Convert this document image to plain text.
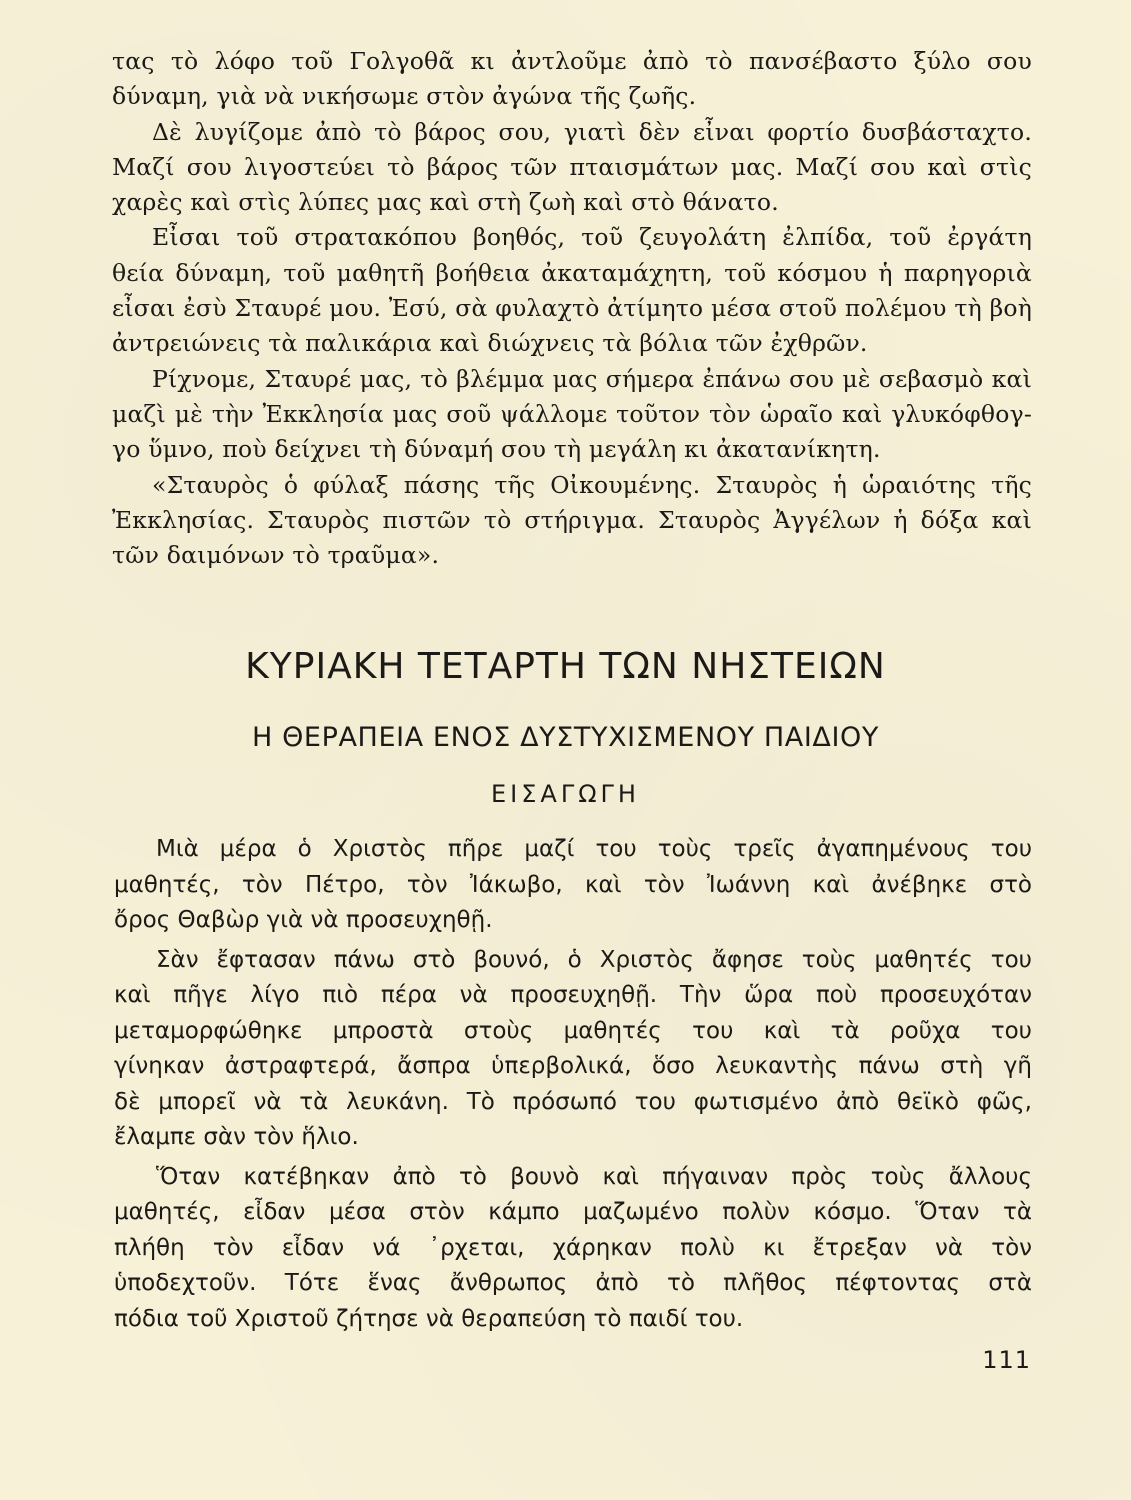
τας τὸ λόφο τοῦ Γολγοθᾶ κι ἀντλοῦμε ἀπὸ τὸ πανσέβαστο ξύλο σου
δύναμη, γιὰ νὰ νικήσωμε στὸν ἀγώνα τῆς ζωῆς.
Δὲ λυγίζομε ἀπὸ τὸ βάρος σου, γιατὶ δὲν εἶναι φορτίο δυσβάσταχτο.
Μαζί σου λιγοστεύει τὸ βάρος τῶν πταισμάτων μας. Μαζί σου καὶ στὶς
χαρὲς καὶ στὶς λύπες μας καὶ στὴ ζωὴ καὶ στὸ θάνατο.
Εἶσαι τοῦ στρατακόπου βοηθός, τοῦ ζευγολάτη ἐλπίδα, τοῦ ἐργάτη
θεία δύναμη, τοῦ μαθητῆ βοήθεια ἀκαταμάχητη, τοῦ κόσμου ἡ παρηγοριὰ
εἶσαι ἐσὺ Σταυρέ μου. Ἐσύ, σὰ φυλαχτὸ ἀτίμητο μέσα στοῦ πολέμου τὴ βοὴ
ἀντρειώνεις τὰ παλικάρια καὶ διώχνεις τὰ βόλια τῶν ἐχθρῶν.
Ρίχνομε, Σταυρέ μας, τὸ βλέμμα μας σήμερα ἐπάνω σου μὲ σεβασμὸ καὶ
μαζὶ μὲ τὴν Ἐκκλησία μας σοῦ ψάλλομε τοῦτον τὸν ὡραῖο καὶ γλυκόφθογ-
γο ὕμνο, ποὺ δείχνει τὴ δύναμή σου τὴ μεγάλη κι ἀκατανίκητη.
«Σταυρὸς ὁ φύλαξ πάσης τῆς Οἰκουμένης. Σταυρὸς ἡ ὡραιότης τῆς
Ἐκκλησίας. Σταυρὸς πιστῶν τὸ στήριγμα. Σταυρὸς Ἀγγέλων ἡ δόξα καὶ
τῶν δαιμόνων τὸ τραῦμα».
ΚΥΡΙΑΚΗ ΤΕΤΑΡΤΗ ΤΩΝ ΝΗΣΤΕΙΩΝ
Η ΘΕΡΑΠΕΙΑ ΕΝΟΣ ΔΥΣΤΥΧΙΣΜΕΝΟΥ ΠΑΙΔΙΟΥ
ΕΙΣΑΓΩΓΗ
Μιὰ μέρα ὁ Χριστὸς πῆρε μαζί του τοὺς τρεῖς ἀγαπημένους του
μαθητές, τὸν Πέτρο, τὸν Ἰάκωβο, καὶ τὸν Ἰωάννη καὶ ἀνέβηκε στὸ
ὄρος Θαβὼρ γιὰ νὰ προσευχηθῇ.
Σὰν ἔφτασαν πάνω στὸ βουνό, ὁ Χριστὸς ἄφησε τοὺς μαθητές του
καὶ πῆγε λίγο πιὸ πέρα νὰ προσευχηθῇ. Τὴν ὥρα ποὺ προσευχόταν
μεταμορφώθηκε μπροστὰ στοὺς μαθητές του καὶ τὰ ροῦχα του
γίνηκαν ἀστραφτερά, ἄσπρα ὑπερβολικά, ὅσο λευκαντὴς πάνω στὴ γῆ
δὲ μπορεῖ νὰ τὰ λευκάνη. Τὸ πρόσωπό του φωτισμένο ἀπὸ θεϊκὸ φῶς,
ἔλαμπε σὰν τὸν ἥλιο.
Ὅταν κατέβηκαν ἀπὸ τὸ βουνὸ καὶ πήγαιναν πρὸς τοὺς ἄλλους
μαθητές, εἶδαν μέσα στὸν κάμπο μαζωμένο πολὺν κόσμο. Ὅταν τὰ
πλήθη τὸν εἶδαν νά ᾽ρχεται, χάρηκαν πολὺ κι ἔτρεξαν νὰ τὸν
ὑποδεχτοῦν. Τότε ἕνας ἄνθρωπος ἀπὸ τὸ πλῆθος πέφτοντας στὰ
πόδια τοῦ Χριστοῦ ζήτησε νὰ θεραπεύση τὸ παιδί του.
111
